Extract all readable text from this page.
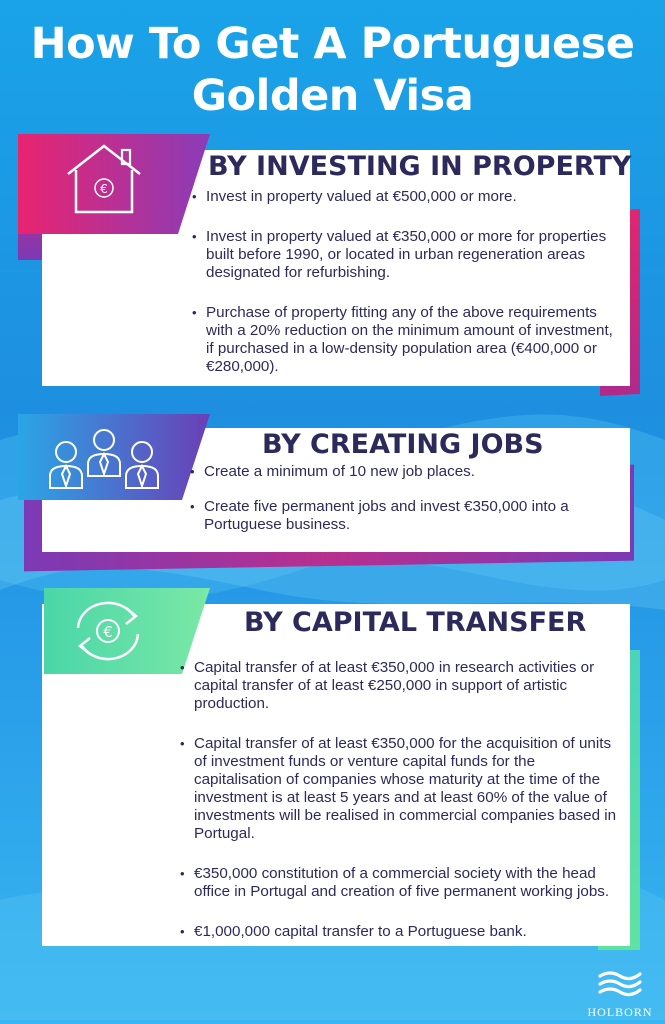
How To Get A Portuguese
Golden Visa
€
BY INVESTING IN PROPERTY
• Invest in property valued at €500,000 or more.
• Invest in property valued at €350,000 or more for properties built before 1990, or located in urban regeneration areas designated for refurbishing.
• Purchase of property fitting any of the above requirements with a 20% reduction on the minimum amount of investment, if purchased in a low-density population area (€400,000 or €280,000).
BY CREATING JOBS
• Create a minimum of 10 new job places.
• Create five permanent jobs and invest €350,000 into a Portuguese business.
€	BY CAPITAL TRANSFER
• Capital transfer of at least €350,000 in research activities or capital transfer of at least €250,000 in support of artistic production.
• Capital transfer of at least €350,000 for the acquisition of units of investment funds or venture capital funds for the capitalisation of companies whose maturity at the time of the investment is at least 5 years and at least 60% of the value of investments will be realised in commercial companies based in Portugal.
• €350,000 constitution of a commercial society with the head office in Portugal and creation of five permanent working jobs.
• €1,000,000 capital transfer to a Portuguese bank.
HOLBORN
